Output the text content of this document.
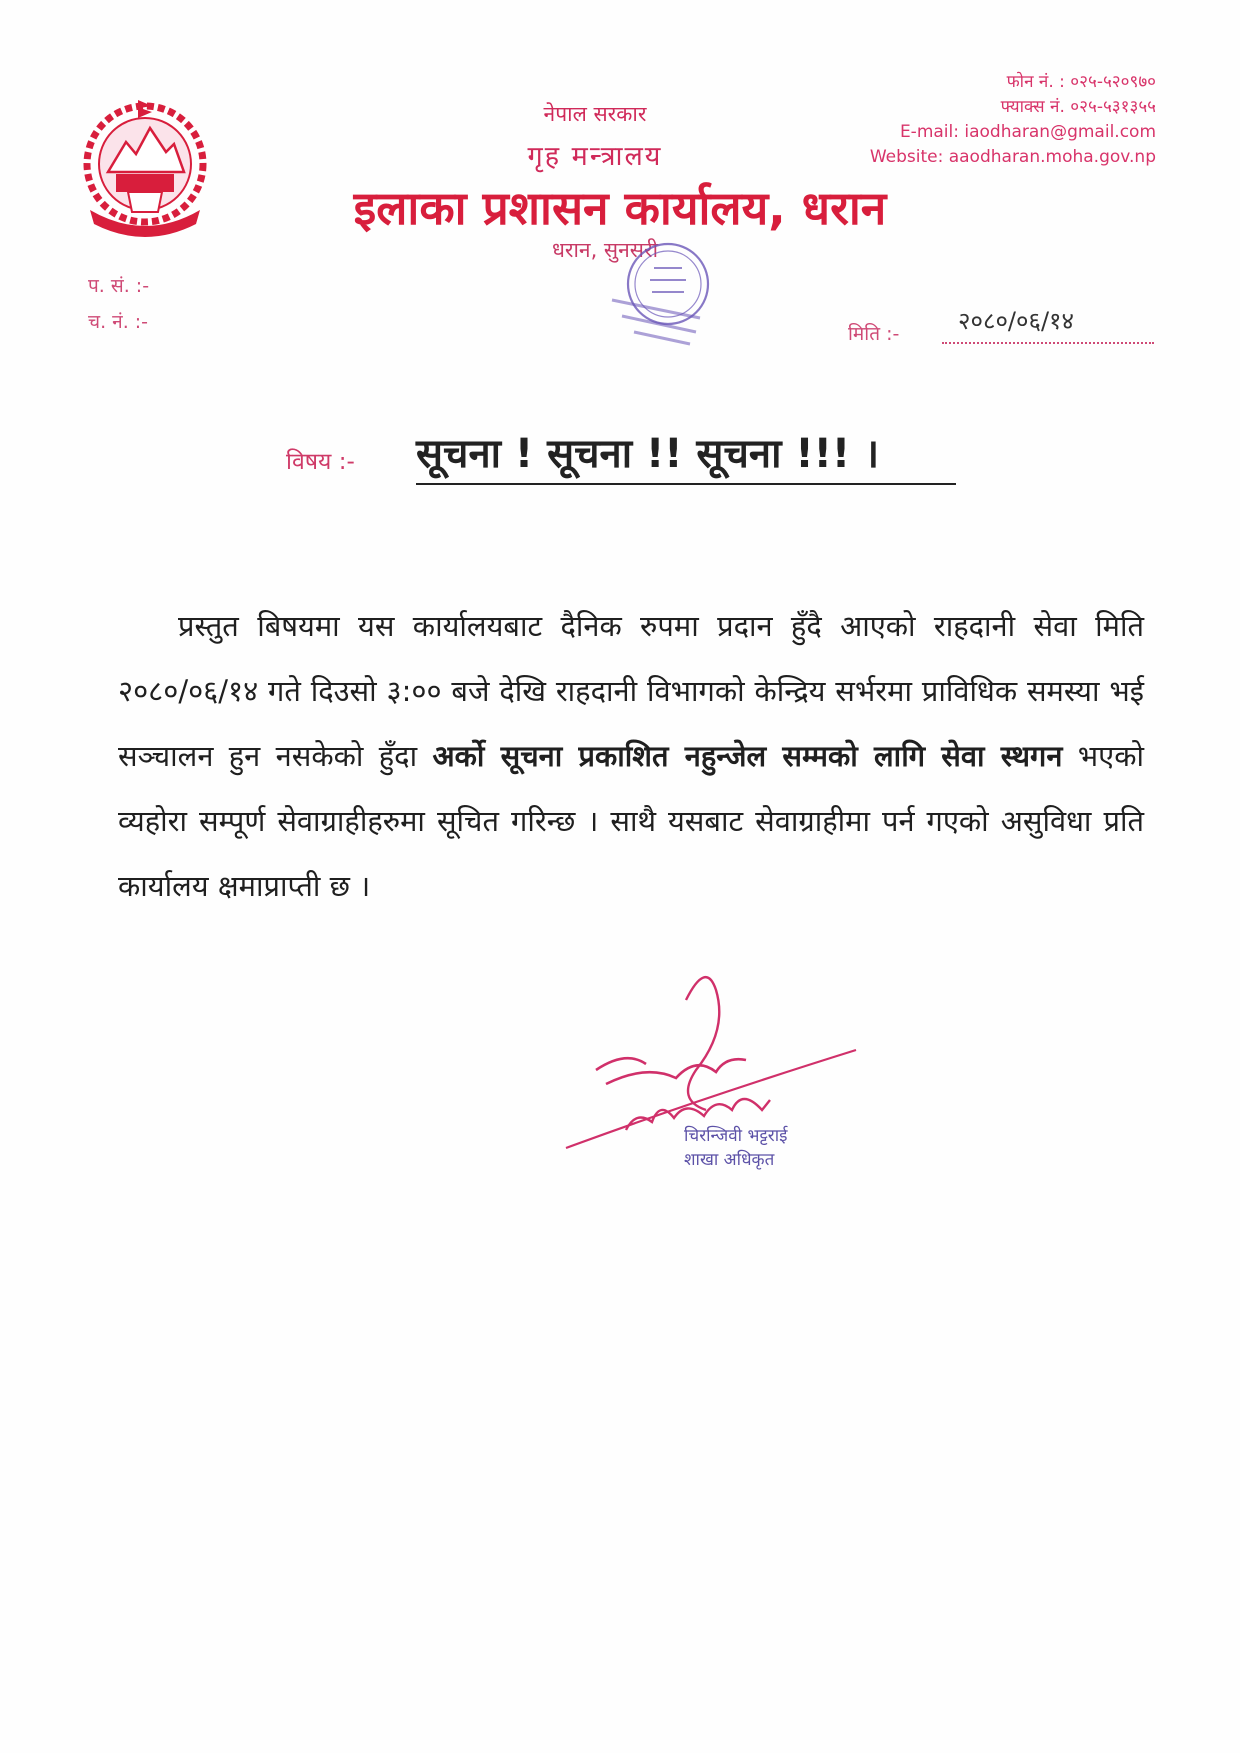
नेपाल सरकार
गृह मन्त्रालय
इलाका प्रशासन कार्यालय, धरान
धरान, सुनसरी
फोन नं. : ०२५-५२०९७०
फ्याक्स नं. ०२५-५३१३५५
E-mail: iaodharan@gmail.com
Website: aaodharan.moha.gov.np
प. सं. :-
च. नं. :-	२०८०/०६/१४
मिति :-
विषय :- सूचना ! सूचना !! सूचना !!! ।

प्रस्तुत बिषयमा यस कार्यालयबाट दैनिक रुपमा प्रदान हुँदै आएको राहदानी सेवा मिति २०८०/०६/१४ गते दिउसो ३:०० बजे देखि राहदानी विभागको केन्द्रिय सर्भरमा प्राविधिक समस्या भई सञ्चालन हुन नसकेको हुँदा अर्को सूचना प्रकाशित नहुन्जेल सम्मको लागि सेवा स्थगन भएको व्यहोरा सम्पूर्ण सेवाग्राहीहरुमा सूचित गरिन्छ । साथै यसबाट सेवाग्राहीमा पर्न गएको असुविधा प्रति कार्यालय क्षमाप्राप्ती छ ।

चिरन्जिवी भट्टराई
शाखा अधिकृत
